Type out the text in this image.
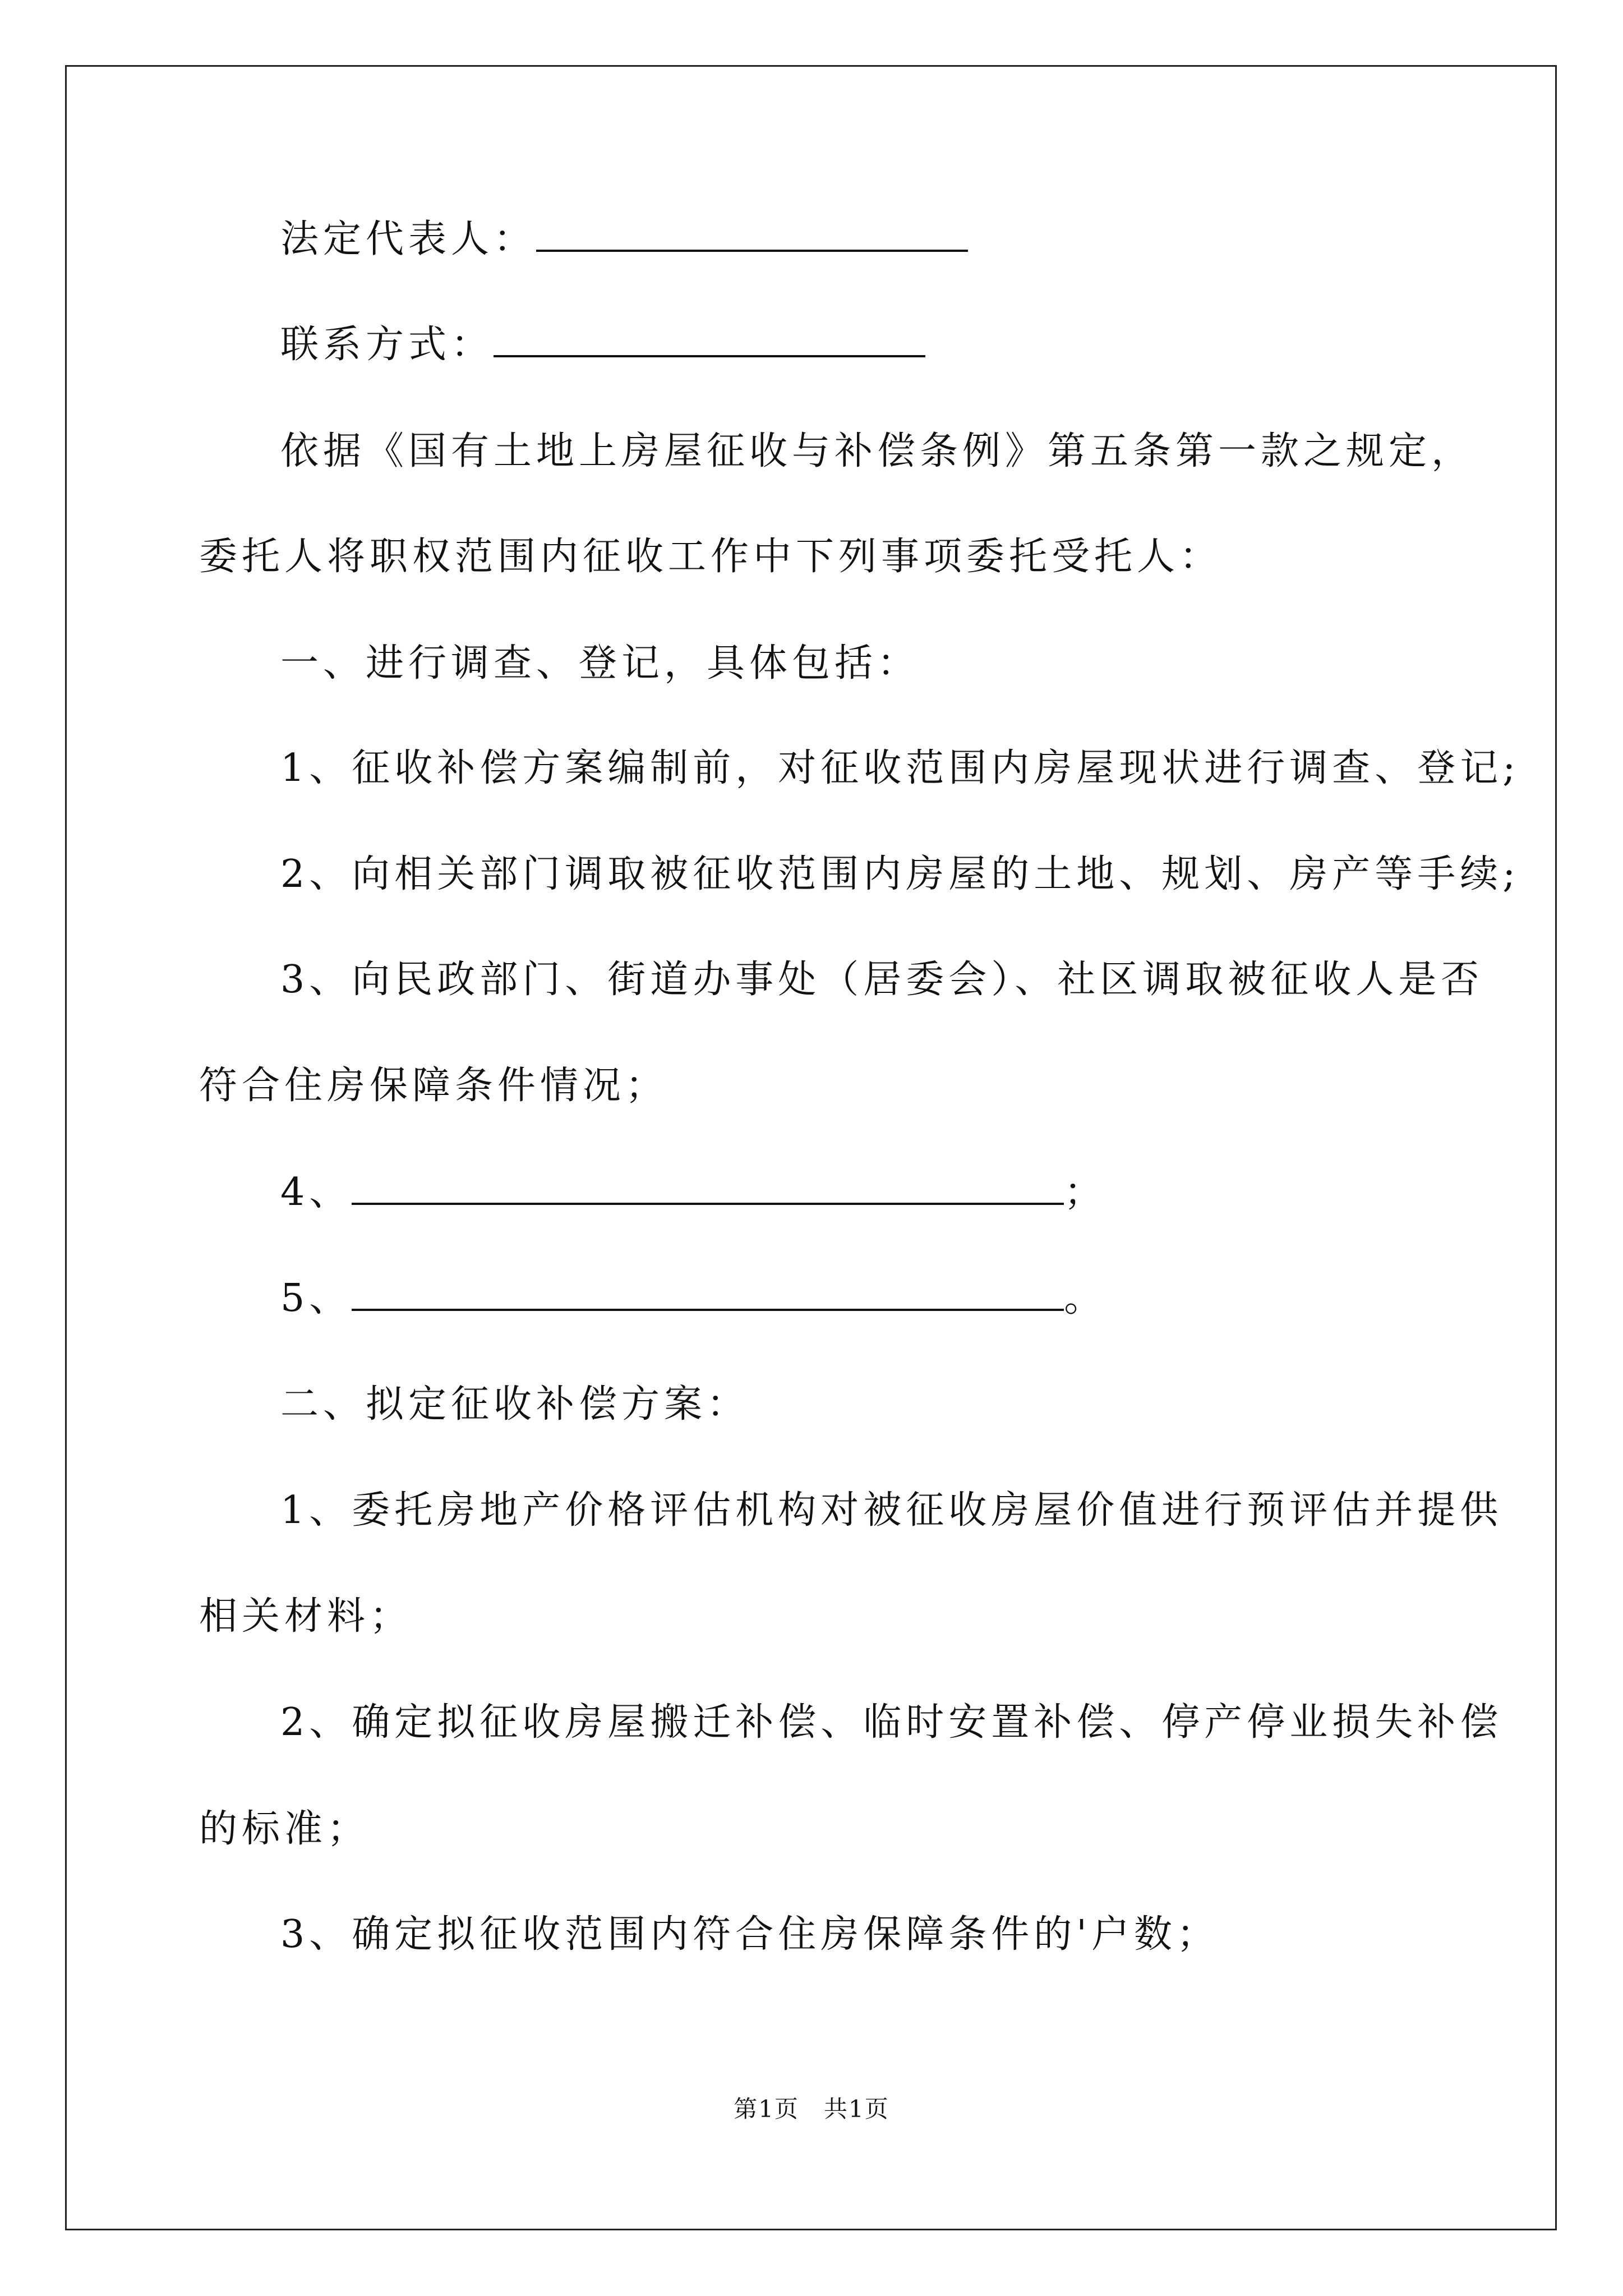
法定代表人：
联系方式：
依据《国有土地上房屋征收与补偿条例》第五条第一款之规定，
委托人将职权范围内征收工作中下列事项委托受托人：
一、进行调查、登记，具体包括：
1、征收补偿方案编制前，对征收范围内房屋现状进行调查、登记;
2、向相关部门调取被征收范围内房屋的土地、规划、房产等手续;
3、向民政部门、街道办事处（居委会）、社区调取被征收人是否
符合住房保障条件情况；
4、	；
5、	。
二、拟定征收补偿方案：
1、委托房地产价格评估机构对被征收房屋价值进行预评估并提供
相关材料；
2、确定拟征收房屋搬迁补偿、临时安置补偿、停产停业损失补偿
的标准；
3、确定拟征收范围内符合住房保障条件的'户数；
第1页　共1页
